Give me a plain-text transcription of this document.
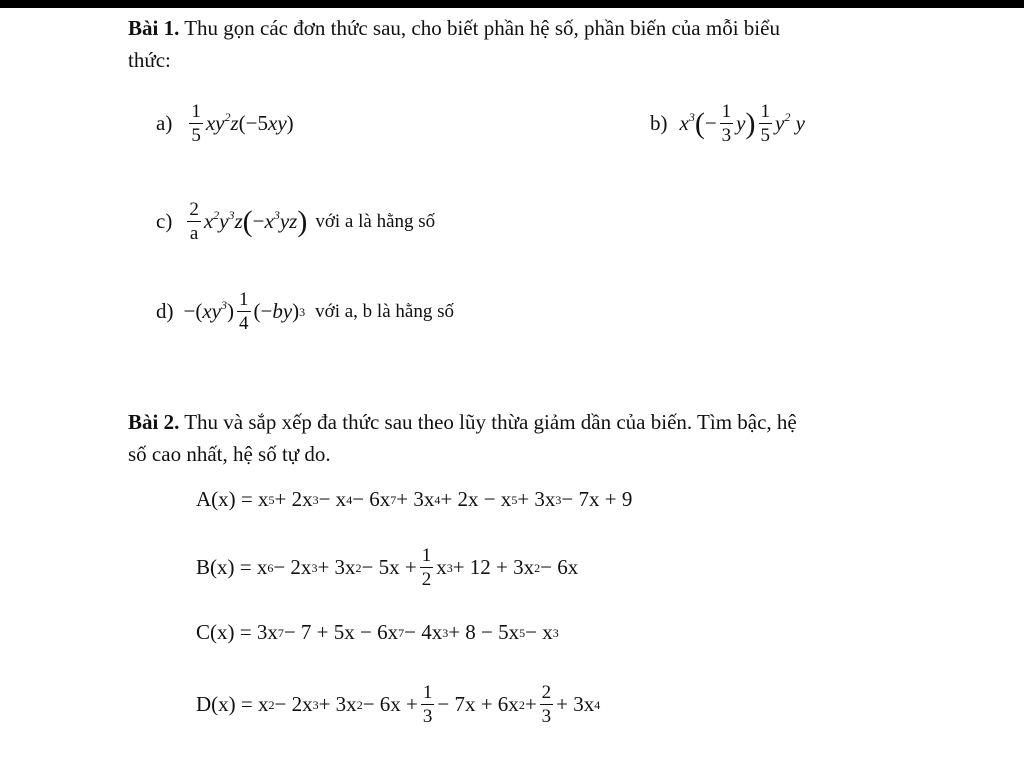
Bài 1. Thu gọn các đơn thức sau, cho biết phần hệ số, phần biến của mỗi biểu
thức:
$a) \frac{1}{5} xy^2z$ (−5 xy )	b) $x^3$ ( − $\frac{1}{3}$ y ) $\frac{1}{5} y^2$ y
$c) \frac{2}{a} x^2y^3z$ ( − $x^3yz$ ) với a là hằng số
d) −( $xy^3$ ) $\frac{1}{4}$ (− by ) 3 với a, b là hằng số
Bài 2. Thu và sắp xếp đa thức sau theo lũy thừa giảm dần của biến. Tìm bậc, hệ
số cao nhất, hệ số tự do.
A(x) = x 5 + 2x 3 − x 4 − 6x 7 + 3x 4 + 2x − x 5 + 3x 3 − 7x + 9
B(x) = x 6 − 2x 3 + 3x $2 - 5x + \frac{1}{2}$ x 3 + 12 + 3x 2 − 6x
C(x) = 3x 7 − 7 + 5x − 6x 7 − 4x 3 + 8 − 5x 5 − x 3
D(x) = x 2 − 2x 3 + 3x $2 - 6x + \frac{1}{3} - 7x + 6x$ $2 + \frac{2}{3} + 3x$ 4
